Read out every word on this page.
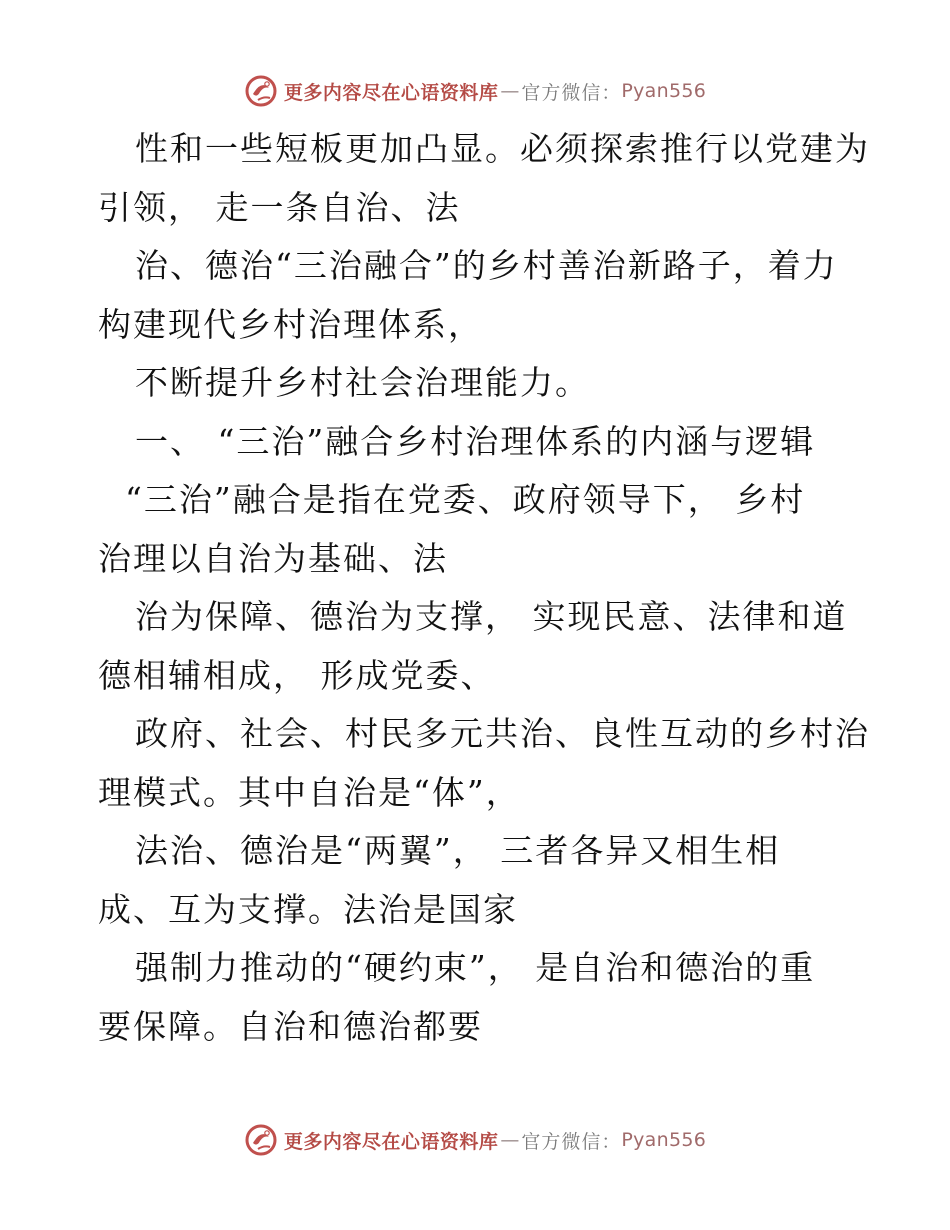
更多内容尽在心语资料库 — 官方微信： Pyan556
性和一些短板更加凸显。必须探索推行以党建为
引领， 走一条自治、法
治、德治“三治融合”的乡村善治新路子，着力
构建现代乡村治理体系，
不断提升乡村社会治理能力。
一、 “三治”融合乡村治理体系的内涵与逻辑
“三治”融合是指在党委、政府领导下， 乡村
治理以自治为基础、法
治为保障、德治为支撑， 实现民意、法律和道
德相辅相成， 形成党委、
政府、社会、村民多元共治、良性互动的乡村治
理模式。其中自治是“体”，
法治、德治是“两翼”， 三者各异又相生相
成、互为支撑。法治是国家
强制力推动的“硬约束”， 是自治和德治的重
要保障。自治和德治都要
更多内容尽在心语资料库 — 官方微信： Pyan556
